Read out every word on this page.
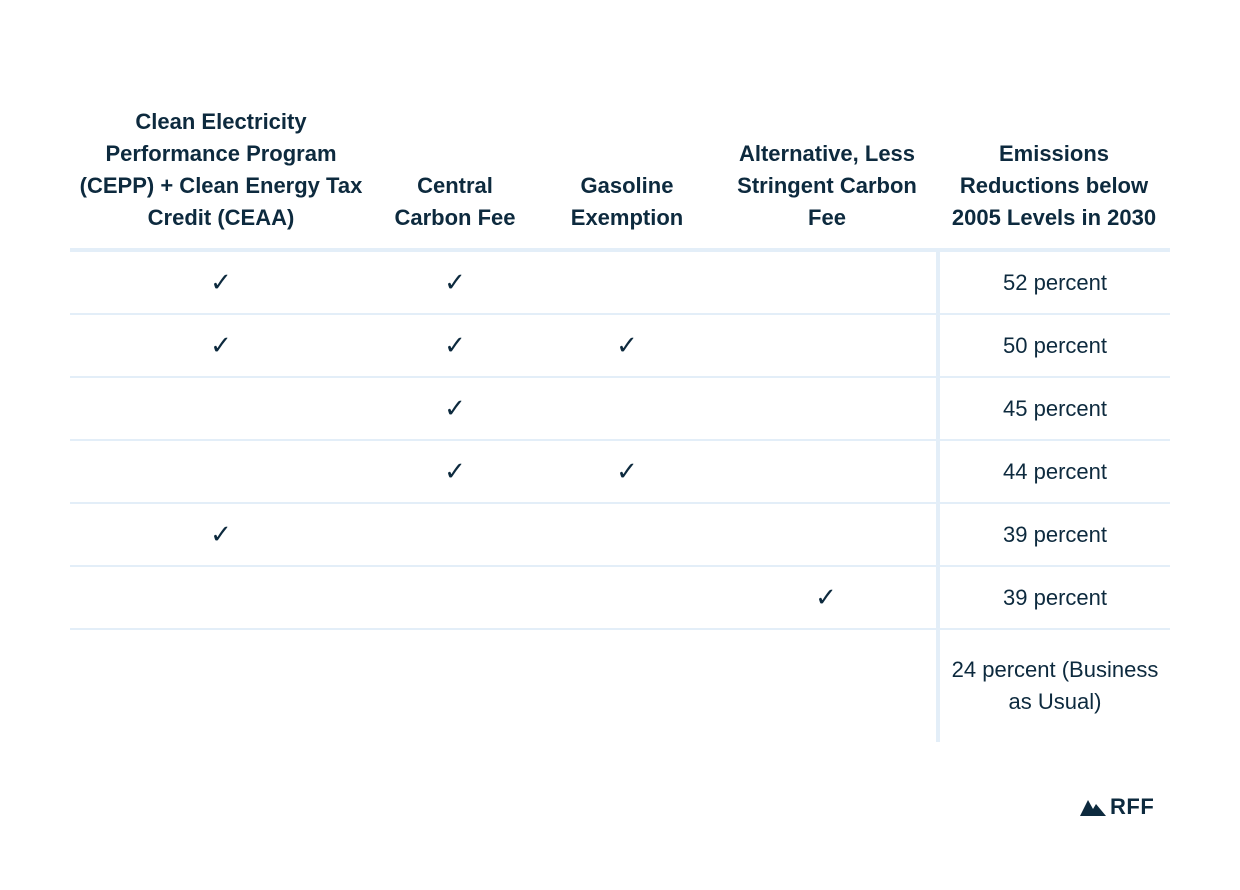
Clean Electricity Performance Program (CEPP) + Clean Energy Tax Credit (CEAA)	Central Carbon Fee	Gasoline Exemption	Alternative, Less Stringent Carbon Fee	Emissions Reductions below 2005 Levels in 2030
✓	✓			52 percent
✓	✓	✓		50 percent
	✓			45 percent
	✓	✓		44 percent
✓				39 percent
			✓	39 percent
				24 percent (Business as Usual)
RFF
